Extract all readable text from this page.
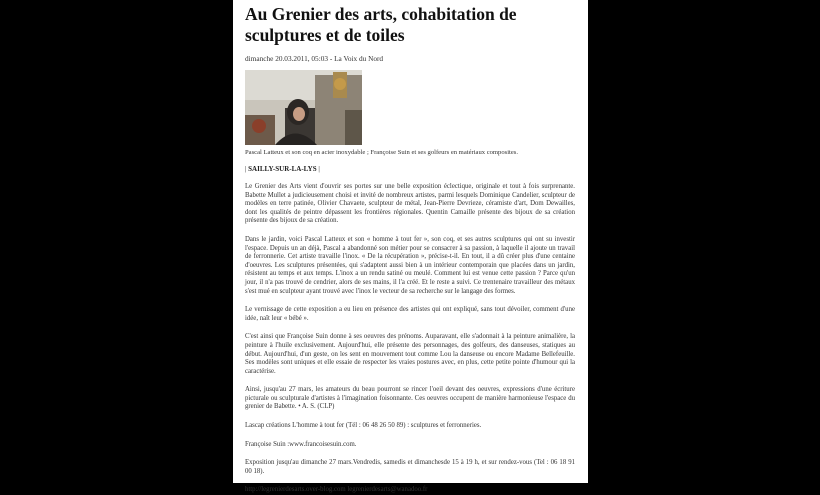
Au Grenier des arts, cohabitation de sculptures et de toiles
dimanche 20.03.2011, 05:03 - La Voix du Nord
Pascal Latteux et son coq en acier inoxydable ; Françoise Suin et ses golfeurs en matériaux composites.
| SAILLY-SUR-LA-LYS |

Le Grenier des Arts vient d'ouvrir ses portes sur une belle exposition éclectique, originale et tout à fois surprenante. Babette Mullet a judicieusement choisi et invité de nombreux artistes, parmi lesquels Dominique Candelier, sculpteur de modèles en terre patinée, Olivier Chavaete, sculpteur de métal, Jean-Pierre Devrieze, céramiste d'art, Dom Dewailles, dont les qualités de peintre dépassent les frontières régionales. Quentin Camaille présente des bijoux de sa création présente des bijoux de sa création.

Dans le jardin, voici Pascal Latteux et son « homme à tout fer », son coq, et ses autres sculptures qui ont su investir l'espace. Depuis un an déjà, Pascal a abandonné son métier pour se consacrer à sa passion, à laquelle il ajoute un travail de ferronnerie. Cet artiste travaille l'inox. « De la récupération », précise-t-il. En tout, il a dû créer plus d'une centaine d'oeuvres. Les sculptures présentées, qui s'adaptent aussi bien à un intérieur contemporain que placées dans un jardin, résistent au temps et aux temps. L'inox a un rendu satiné ou meulé. Comment lui est venue cette passion ? Parce qu'un jour, il n'a pas trouvé de cendrier, alors de ses mains, il l'a créé. Et le reste a suivi. Ce trentenaire travailleur des métaux s'est mué en sculpteur ayant trouvé avec l'inox le vecteur de sa recherche sur le langage des formes.

Le vernissage de cette exposition a eu lieu en présence des artistes qui ont expliqué, sans tout dévoiler, comment d'une idée, naît leur « bébé ».

C'est ainsi que Françoise Suin donne à ses oeuvres des prénoms. Auparavant, elle s'adonnait à la peinture animalière, la peinture à l'huile exclusivement. Aujourd'hui, elle présente des personnages, des golfeurs, des danseuses, statiques au début. Aujourd'hui, d'un geste, on les sent en mouvement tout comme Lou la danseuse ou encore Madame Bellefeuille. Ses modèles sont uniques et elle essaie de respecter les vraies postures avec, en plus, cette petite pointe d'humour qui la caractérise.

Ainsi, jusqu'au 27 mars, les amateurs du beau pourront se rincer l'oeil devant des oeuvres, expressions d'une écriture picturale ou sculpturale d'artistes à l'imagination foisonnante. Ces oeuvres occupent de manière harmonieuse l'espace du grenier de Babette. • A. S. (CLP)

Lascap créations L'homme à tout fer (Tél : 06 48 26 50 89) : sculptures et ferronneries.

Françoise Suin :www.francoisesuin.com.

Exposition jusqu'au dimanche 27 mars.Vendredis, samedis et dimanchesde 15 à 19 h, et sur rendez-vous (Tel : 06 18 91 00 18).

http://legrenierdesarts.over-blog.com legrenierdesarts@wanadoo.fr
